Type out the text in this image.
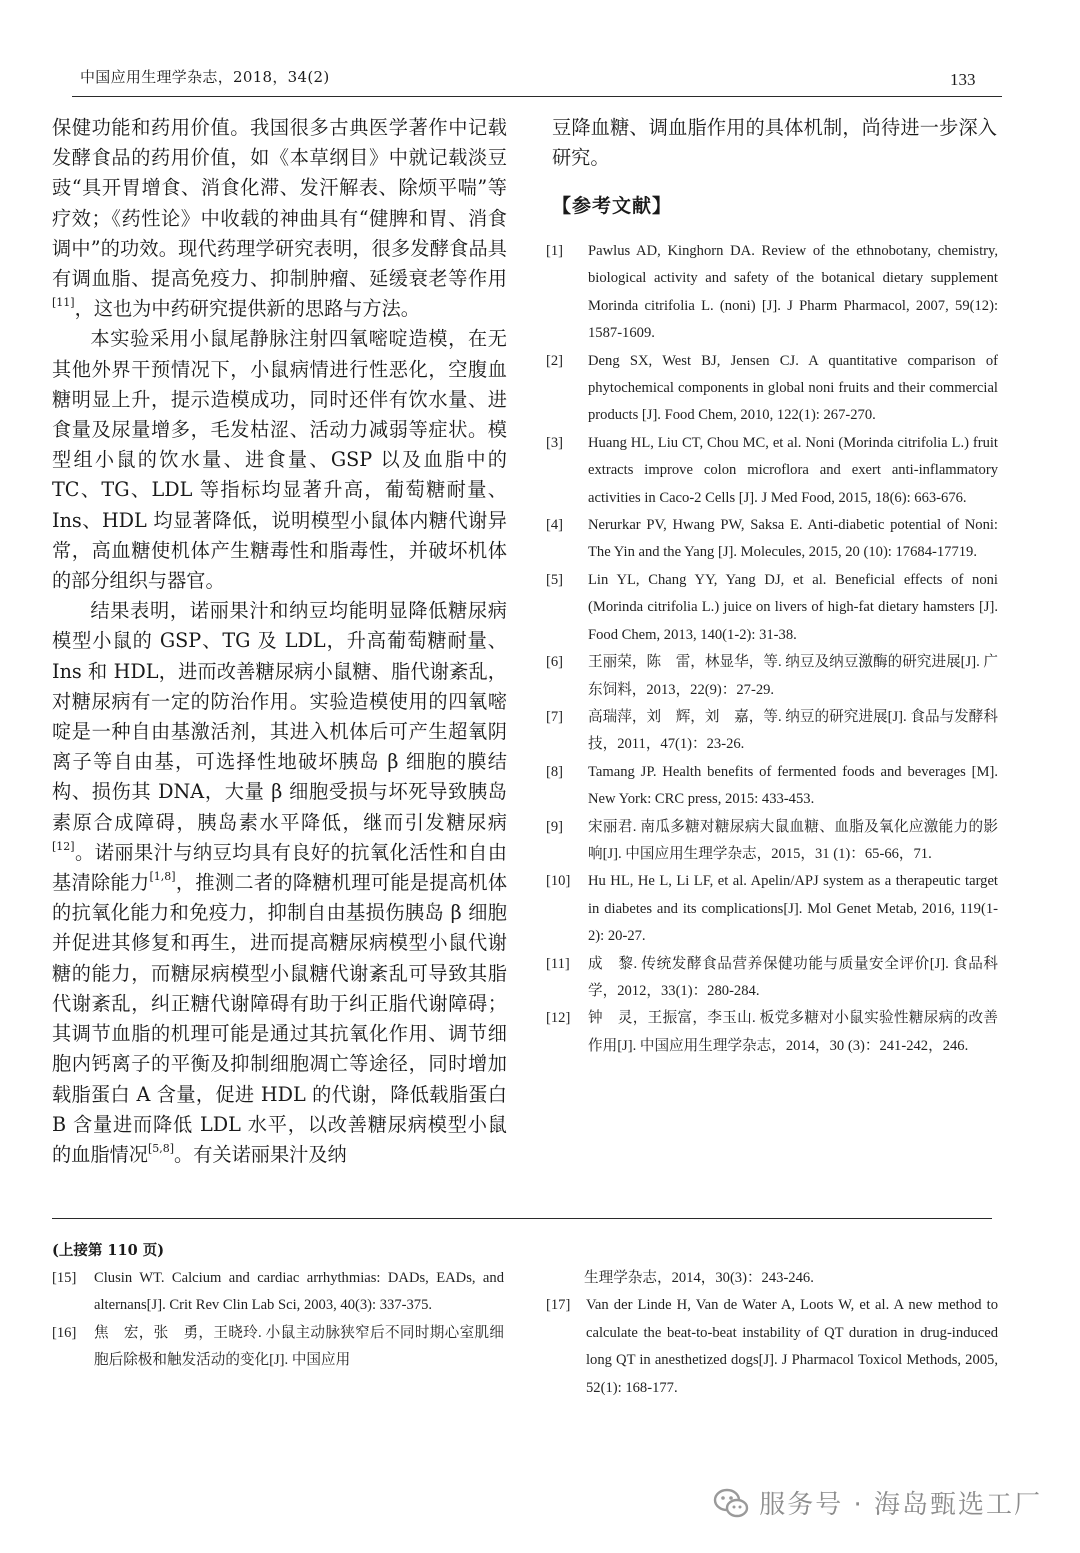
中国应用生理学杂志，2018，34(2)	133

保健功能和药用价值。我国很多古典医学著作中记载发酵食品的药用价值，如《本草纲目》中就记载淡豆豉“具开胃增食、消食化滞、发汗解表、除烦平喘”等疗效；《药性论》中收载的神曲具有“健脾和胃、消食调中”的功效。现代药理学研究表明，很多发酵食品具有调血脂、提高免疫力、抑制肿瘤、延缓衰老等作用[11]，这也为中药研究提供新的思路与方法。

本实验采用小鼠尾静脉注射四氧嘧啶造模，在无其他外界干预情况下，小鼠病情进行性恶化，空腹血糖明显上升，提示造模成功，同时还伴有饮水量、进食量及尿量增多，毛发枯涩、活动力减弱等症状。模型组小鼠的饮水量、进食量、GSP 以及血脂中的 TC、TG、LDL 等指标均显著升高，葡萄糖耐量、Ins、HDL 均显著降低，说明模型小鼠体内糖代谢异常，高血糖使机体产生糖毒性和脂毒性，并破坏机体的部分组织与器官。

结果表明，诺丽果汁和纳豆均能明显降低糖尿病模型小鼠的 GSP、TG 及 LDL，升高葡萄糖耐量、Ins 和 HDL，进而改善糖尿病小鼠糖、脂代谢紊乱，对糖尿病有一定的防治作用。实验造模使用的四氧嘧啶是一种自由基激活剂，其进入机体后可产生超氧阴离子等自由基，可选择性地破坏胰岛 β 细胞的膜结构、损伤其 DNA，大量 β 细胞受损与坏死导致胰岛素原合成障碍，胰岛素水平降低，继而引发糖尿病[12]。诺丽果汁与纳豆均具有良好的抗氧化活性和自由基清除能力[1,8]，推测二者的降糖机理可能是提高机体的抗氧化能力和免疫力，抑制自由基损伤胰岛 β 细胞并促进其修复和再生，进而提高糖尿病模型小鼠代谢糖的能力，而糖尿病模型小鼠糖代谢紊乱可导致其脂代谢紊乱，纠正糖代谢障碍有助于纠正脂代谢障碍；其调节血脂的机理可能是通过其抗氧化作用、调节细胞内钙离子的平衡及抑制细胞凋亡等途径，同时增加载脂蛋白 A 含量，促进 HDL 的代谢，降低载脂蛋白 B 含量进而降低 LDL 水平，以改善糖尿病模型小鼠的血脂情况[5,8]。有关诺丽果汁及纳

豆降血糖、调血脂作用的具体机制，尚待进一步深入研究。

【参考文献】
[1]	Pawlus AD, Kinghorn DA. Review of the ethnobotany, chemistry, biological activity and safety of the botanical dietary supplement Morinda citrifolia L. (noni) [J]. J Pharm Pharmacol, 2007, 59(12): 1587-1609.
[2]	Deng SX, West BJ, Jensen CJ. A quantitative comparison of phytochemical components in global noni fruits and their commercial products [J]. Food Chem, 2010, 122(1): 267-270.
[3]	Huang HL, Liu CT, Chou MC, et al. Noni (Morinda citrifolia L.) fruit extracts improve colon microflora and exert anti-inflammatory activities in Caco-2 Cells [J]. J Med Food, 2015, 18(6): 663-676.
[4]	Nerurkar PV, Hwang PW, Saksa E. Anti-diabetic potential of Noni: The Yin and the Yang [J]. Molecules, 2015, 20 (10): 17684-17719.
[5]	Lin YL, Chang YY, Yang DJ, et al. Beneficial effects of noni (Morinda citrifolia L.) juice on livers of high-fat dietary hamsters [J]. Food Chem, 2013, 140(1-2): 31-38.
[6]	王丽荣，陈　雷，林显华，等. 纳豆及纳豆激酶的研究进展[J]. 广东饲料，2013，22(9)：27-29.
[7]	高瑞萍，刘　辉，刘　嘉，等. 纳豆的研究进展[J]. 食品与发酵科技，2011，47(1)：23-26.
[8]	Tamang JP. Health benefits of fermented foods and beverages [M]. New York: CRC press, 2015: 433-453.
[9]	宋丽君. 南瓜多糖对糖尿病大鼠血糖、血脂及氧化应激能力的影响[J]. 中国应用生理学杂志，2015，31 (1)：65-66，71.
[10]	Hu HL, He L, Li LF, et al. Apelin/APJ system as a therapeutic target in diabetes and its complications[J]. Mol Genet Metab, 2016, 119(1-2): 20-27.
[11]	成　黎. 传统发酵食品营养保健功能与质量安全评价[J]. 食品科学，2012，33(1)：280-284.
[12]	钟　灵，王振富，李玉山. 板党多糖对小鼠实验性糖尿病的改善作用[J]. 中国应用生理学杂志，2014，30 (3)：241-242，246.
(上接第 110 页)
[15]	Clusin WT. Calcium and cardiac arrhythmias: DADs, EADs, and alternans[J]. Crit Rev Clin Lab Sci, 2003, 40(3): 337-375.
[16]	焦　宏，张　勇，王晓玲. 小鼠主动脉狭窄后不同时期心室肌细胞后除极和触发活动的变化[J]. 中国应用
生理学杂志，2014，30(3)：243-246.
[17]	Van der Linde H, Van de Water A, Loots W, et al. A new method to calculate the beat-to-beat instability of QT duration in drug-induced long QT in anesthetized dogs[J]. J Pharmacol Toxicol Methods, 2005, 52(1): 168-177.
服务号 · 海岛甄选工厂
